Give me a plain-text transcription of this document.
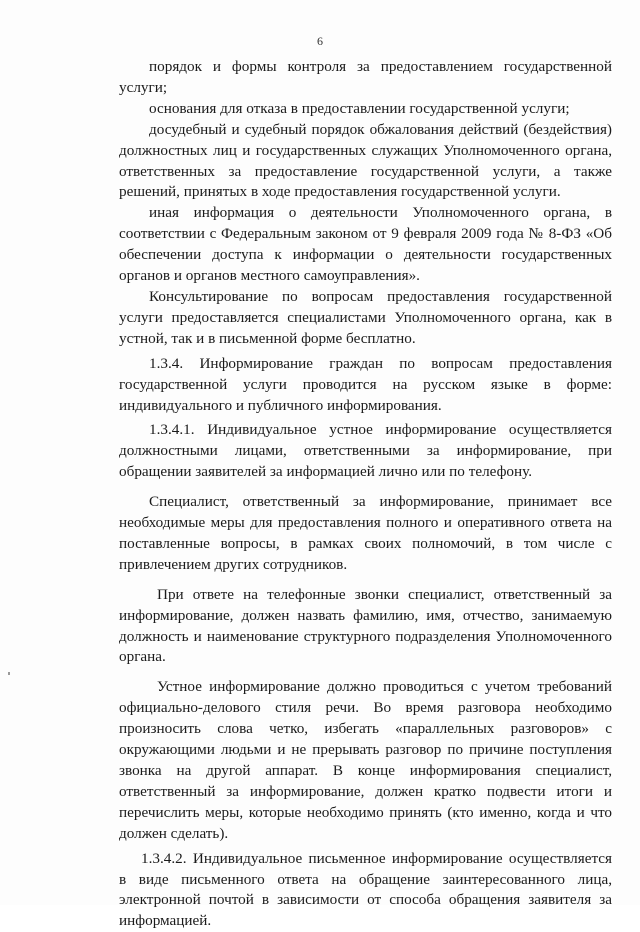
6

порядок и формы контроля за предоставлением государственной услуги;

основания для отказа в предоставлении государственной услуги;

досудебный и судебный порядок обжалования действий (бездействия) должностных лиц и государственных служащих Уполномоченного органа, ответственных за предоставление государственной услуги, а также решений, принятых в ходе предоставления государственной услуги.

иная информация о деятельности Уполномоченного органа, в соответствии с Федеральным законом от 9 февраля 2009 года № 8-ФЗ «Об обеспечении доступа к информации о деятельности государственных органов и органов местного самоуправления».

Консультирование по вопросам предоставления государственной услуги предоставляется специалистами Уполномоченного органа, как в устной, так и в письменной форме бесплатно.

1.3.4. Информирование граждан по вопросам предоставления государственной услуги проводится на русском языке в форме: индивидуального и публичного информирования.

1.3.4.1. Индивидуальное устное информирование осуществляется должностными лицами, ответственными за информирование, при обращении заявителей за информацией лично или по телефону.

Специалист, ответственный за информирование, принимает все необходимые меры для предоставления полного и оперативного ответа на поставленные вопросы, в рамках своих полномочий, в том числе с привлечением других сотрудников.

При ответе на телефонные звонки специалист, ответственный за информирование, должен назвать фамилию, имя, отчество, занимаемую должность и наименование структурного подразделения Уполномоченного органа.

Устное информирование должно проводиться с учетом требований официально-делового стиля речи. Во время разговора необходимо произносить слова четко, избегать «параллельных разговоров» с окружающими людьми и не прерывать разговор по причине поступления звонка на другой аппарат. В конце информирования специалист, ответственный за информирование, должен кратко подвести итоги и перечислить меры, которые необходимо принять (кто именно, когда и что должен сделать).

1.3.4.2. Индивидуальное письменное информирование осуществляется в виде письменного ответа на обращение заинтересованного лица, электронной почтой в зависимости от способа обращения заявителя за информацией.
